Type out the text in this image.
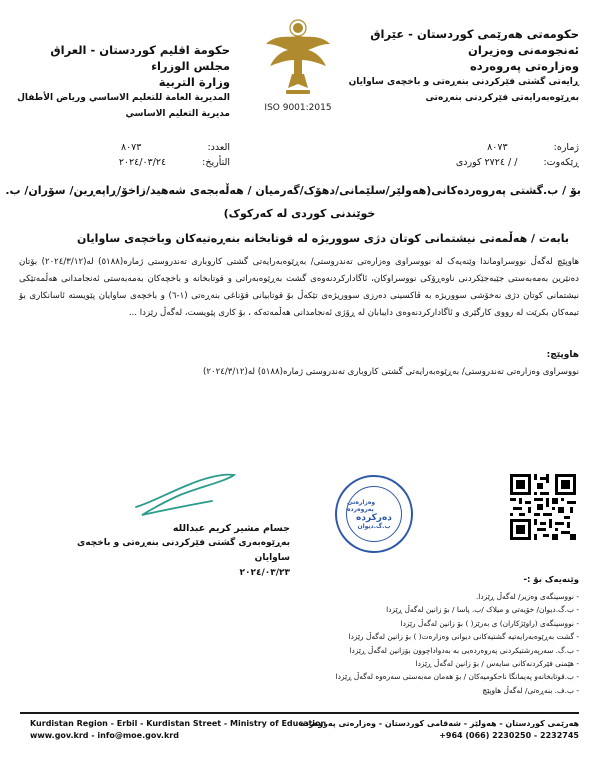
حکومەتی هەرێمی کوردستان - عێراق
ئەنجومەنی وەزیران
وەزارەتی پەروەردە
ڕایەتی گشتی فێرکردنی بنەڕەتی و باخچەی ساوایان
بەڕێوەبەرایەتی فێرکردنی بنەڕەتی
ISO 9001:2015
حكومة اقليم كوردستان - العراق
مجلس الوزراء
وزارة التربية
المديرية العامة للتعليم الاساسي ورياض الأطفال
مديرية التعليم الاساسي
ژمارە:  ٨٠٧٣
ڕێکەوت:  / / ٢٧٢٤ کوردی
العدد:  ٨٠٧٣
التأريخ:  ٢٠٢٤/٠٣/٢٤
بۆ / ب.گشتی پەروەردەکانی(هەولێر/سلێمانی/دهۆک/گەرمیان / هەڵەبجەی شەهید/زاخۆ/ڕاپەڕین/ سۆران/ ب.
خوێندنی کوردی لە کەرکوک)
بابەت / هەڵمەتی نیشتمانی کوتان دژی سووریژە لە قوتابخانە بنەڕەتیەکان وباخچەی ساوایان
هاوپێچ لەگەڵ نووسراوماندا وێنەیەک لە نووسراوی وەزارەتی تەندروستی/ بەڕێوەبەرایەتی گشتی کاروباری تەندروستی ژمارە(٥١٨٨) لە(٢٠٢٤/٣/١٢) بۆتان دەنێرین بەمەبەستی جێبەجێکردنی ناوەڕۆکی نووسراوکان، ئاگادارکردنەوەی گشت بەڕێوەبەراتی و قوتابخانە و باخچەکان بەمەبەستی ئەنجامدانی هەڵمەتێکی نیشتمانی کوتان دژی نەخۆشی سووریژە بە ڤاکسینی دەرزی سووریژەی تێکەڵ بۆ قوتابیانی قۆناغی بنەڕەتی (١-٦) و باخچەی ساوایان پێویستە ئاسانکاری بۆ تیمەکان بکرێت لە رووی کارگێری و ئاگادارکردنەوەی دایبابان لە ڕۆژی ئەنجامدانی هەڵمەتەکە ، بۆ کاری پێویست، لەگەڵ رێزدا ...
هاوپێچ:
نووسراوی وەزارەتی تەندروستی/ بەڕێوەبەرایەتی گشتی کاروباری تەندروستی ژمارە(٥١٨٨) لە(٢٠٢٤/٣/١٢)
وەزارەتی پەروەردە
دەرکردە
ب.گ.دیوان
جسام مشير كريم عبدالله
بەڕێوەبەری گشتی فێرکردنی بنەڕەتی و باخچەی ساوایان
٢٠٢٤/٠٣/٢٣
وێنەیەک بۆ :-
- نووسینگەی وەزیر/ لەگەڵ ڕێزدا.
- ب.گ.دیوان/ خۆیەتی و میلاک /ب. پاسا / بۆ زانین لەگەڵ ڕێزدا
- نووسینگەی (راوێژکاران) ی بەرێز( ) بۆ زانین لەگەڵ رێزدا
- گشت بەڕێوەبەرایەتیە گشتیەکانی دیوانی وەزارەت( ) بۆ زانین لەگەڵ رێزدا
- ب.گ. سەرپەرشتیکردنی پەروەردەیی بە بەدواداچوون بۆزانین لەگەڵ ڕێزدا
- هێمنی فێرکردنەکانی سایەس / بۆ زانین لەگەڵ ڕێزدا
- ب.قوتابخانەو پەیمانگا ناحکومیەکان / بۆ هەمان مەبەستی سەرەوە لەگەڵ ڕێزدا
- ب.ف. بنەڕەتی/ لەگەڵ هاوپێچ
هەرێمی کوردستان - هەولێر - شەقامی کوردستان - وەزارەتی پەروەردە
+964 (066) 2230250 - 2232745
Kurdistan Region - Erbil - Kurdistan Street - Ministry of Education
www.gov.krd - info@moe.gov.krd
